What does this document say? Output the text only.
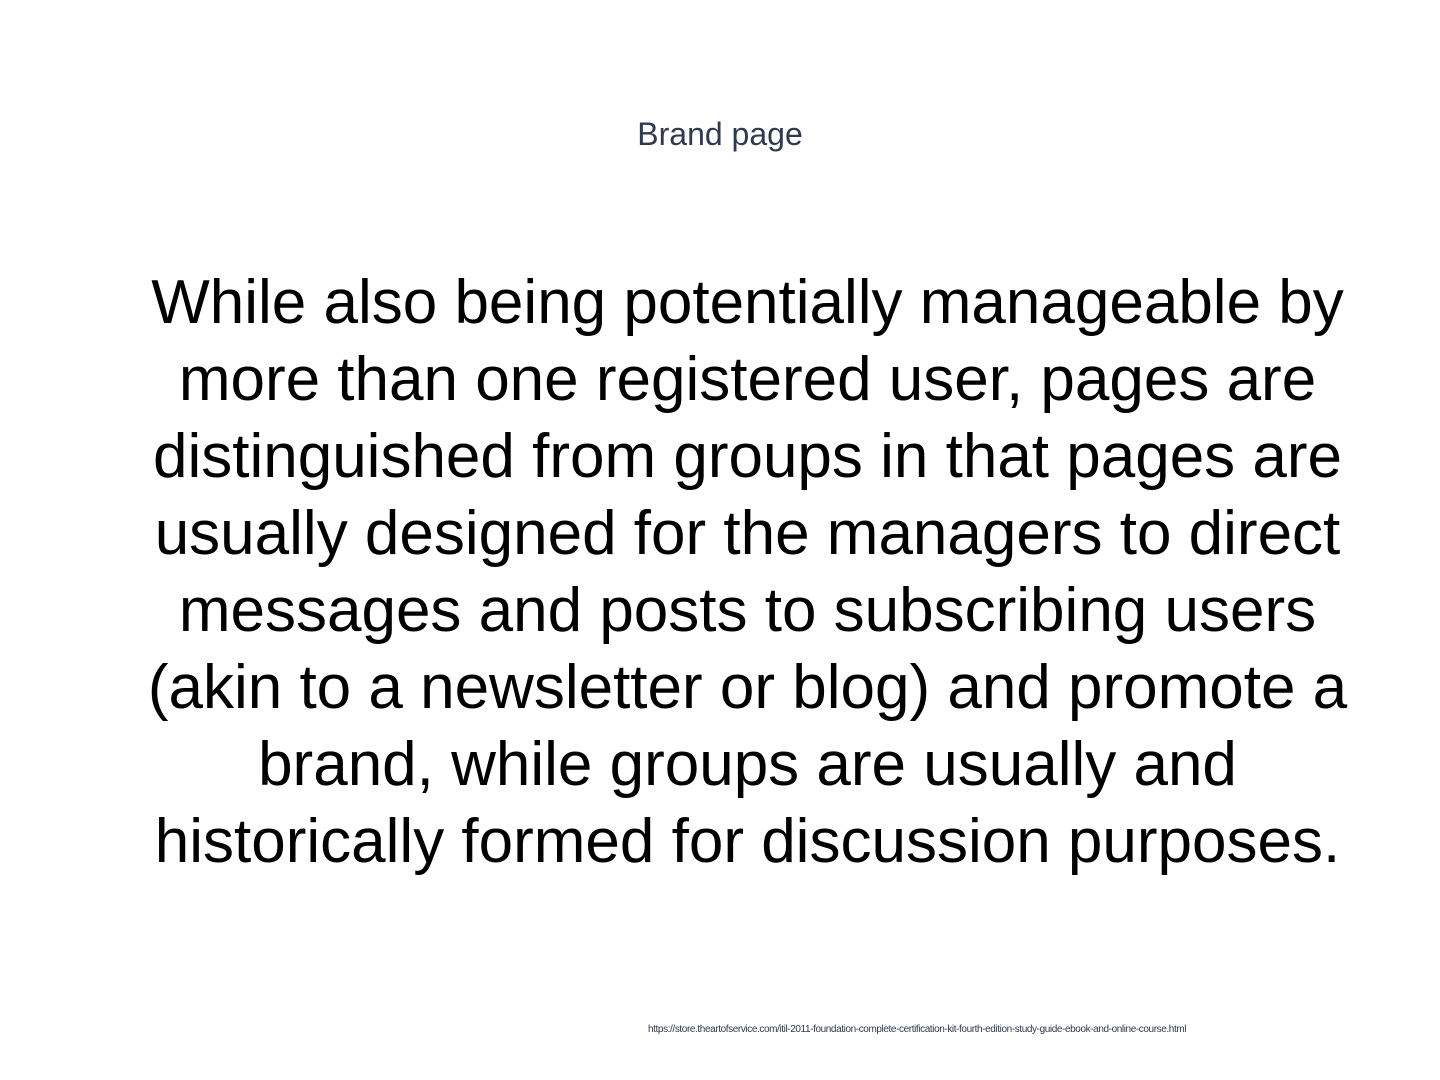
Brand page
While also being potentially manageable by more than one registered user, pages are distinguished from groups in that pages are usually designed for the managers to direct messages and posts to subscribing users (akin to a newsletter or blog) and promote a brand, while groups are usually and historically formed for discussion purposes.
https://store.theartofservice.com/itil-2011-foundation-complete-certification-kit-fourth-edition-study-guide-ebook-and-online-course.html
